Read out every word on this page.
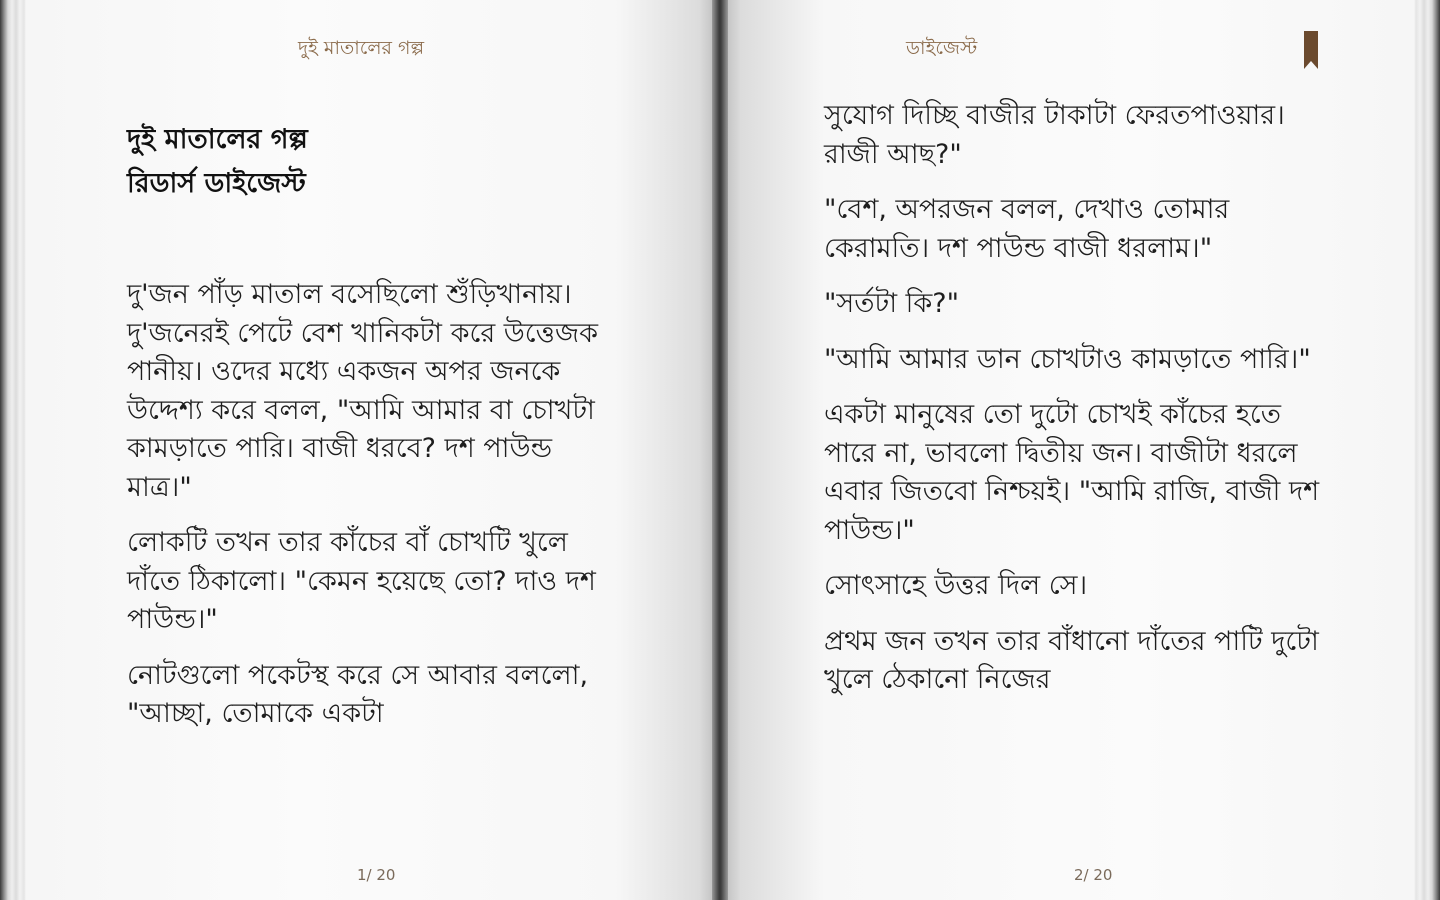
দুই মাতালের গল্প
দুই মাতালের গল্প
রিডার্স ডাইজেস্ট

দু'জন পাঁড় মাতাল বসেছিলো শুঁড়িখানায়। দু'জনেরই পেটে বেশ খানিকটা করে উত্তেজক পানীয়। ওদের মধ্যে একজন অপর জনকে উদ্দেশ্য করে বলল, "আমি আমার বা চোখটা কামড়াতে পারি। বাজী ধরবে? দশ পাউন্ড মাত্র।"

লোকটি তখন তার কাঁচের বাঁ চোখটি খুলে দাঁতে ঠিকালো। "কেমন হয়েছে তো? দাও দশ পাউন্ড।"

নোটগুলো পকেটস্থ করে সে আবার বললো, "আচ্ছা, তোমাকে একটা

1/ 20
ডাইজেস্ট

সুযোগ দিচ্ছি বাজীর টাকাটা ফেরতপাওয়ার। রাজী আছ?"

"বেশ, অপরজন বলল, দেখাও তোমার কেরামতি। দশ পাউন্ড বাজী ধরলাম।"

"সর্তটা কি?"

"আমি আমার ডান চোখটাও কামড়াতে পারি।"

একটা মানুষের তো দুটো চোখই কাঁচের হতে পারে না, ভাবলো দ্বিতীয় জন। বাজীটা ধরলে এবার জিতবো নিশ্চয়ই। "আমি রাজি, বাজী দশ পাউন্ড।"

সোৎসাহে উত্তর দিল সে।

প্রথম জন তখন তার বাঁধানো দাঁতের পাটি দুটো খুলে ঠেকানো নিজের

2/ 20
